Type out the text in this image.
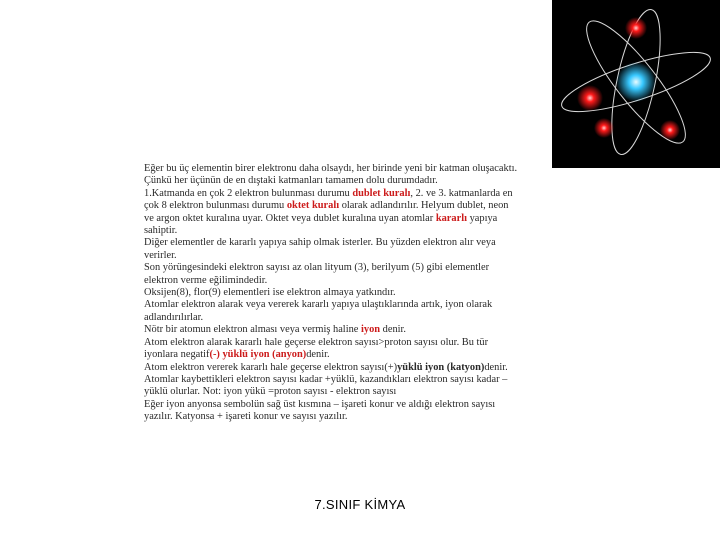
Eğer bu üç elementin birer elektronu daha olsaydı, her birinde yeni bir katman oluşacaktı.
Çünkü her üçünün de en dıştaki katmanları tamamen dolu durumdadır.
1.Katmanda en çok 2 elektron bulunması durumu dublet kuralı, 2. ve 3. katmanlarda en
çok 8 elektron bulunması durumu oktet kuralı olarak adlandırılır. Helyum dublet, neon
ve argon oktet kuralına uyar. Oktet veya dublet kuralına uyan atomlar kararlı yapıya
sahiptir.
Diğer elementler de kararlı yapıya sahip olmak isterler. Bu yüzden elektron alır veya
verirler.
Son yörüngesindeki elektron sayısı az olan lityum (3), berilyum (5) gibi elementler
elektron verme eğilimindedir.
Oksijen(8), flor(9) elementleri ise elektron almaya yatkındır.
Atomlar elektron alarak veya vererek kararlı yapıya ulaştıklarında artık, iyon olarak
adlandırılırlar.
Nötr bir atomun elektron alması veya vermiş haline iyon denir.
Atom elektron alarak kararlı hale geçerse elektron sayısı>proton sayısı olur. Bu tür
iyonlara negatif(-) yüklü iyon (anyon)denir.
Atom elektron vererek kararlı hale geçerse elektron sayısı(+)yüklü iyon (katyon)denir.
Atomlar kaybettikleri elektron sayısı kadar +yüklü, kazandıkları elektron sayısı kadar –
yüklü olurlar. Not: iyon yükü =proton sayısı - elektron sayısı
Eğer iyon anyonsa sembolün sağ üst kısmına – işareti konur ve aldığı elektron sayısı
yazılır. Katyonsa + işareti konur ve sayısı yazılır.
7.SINIF KİMYA
